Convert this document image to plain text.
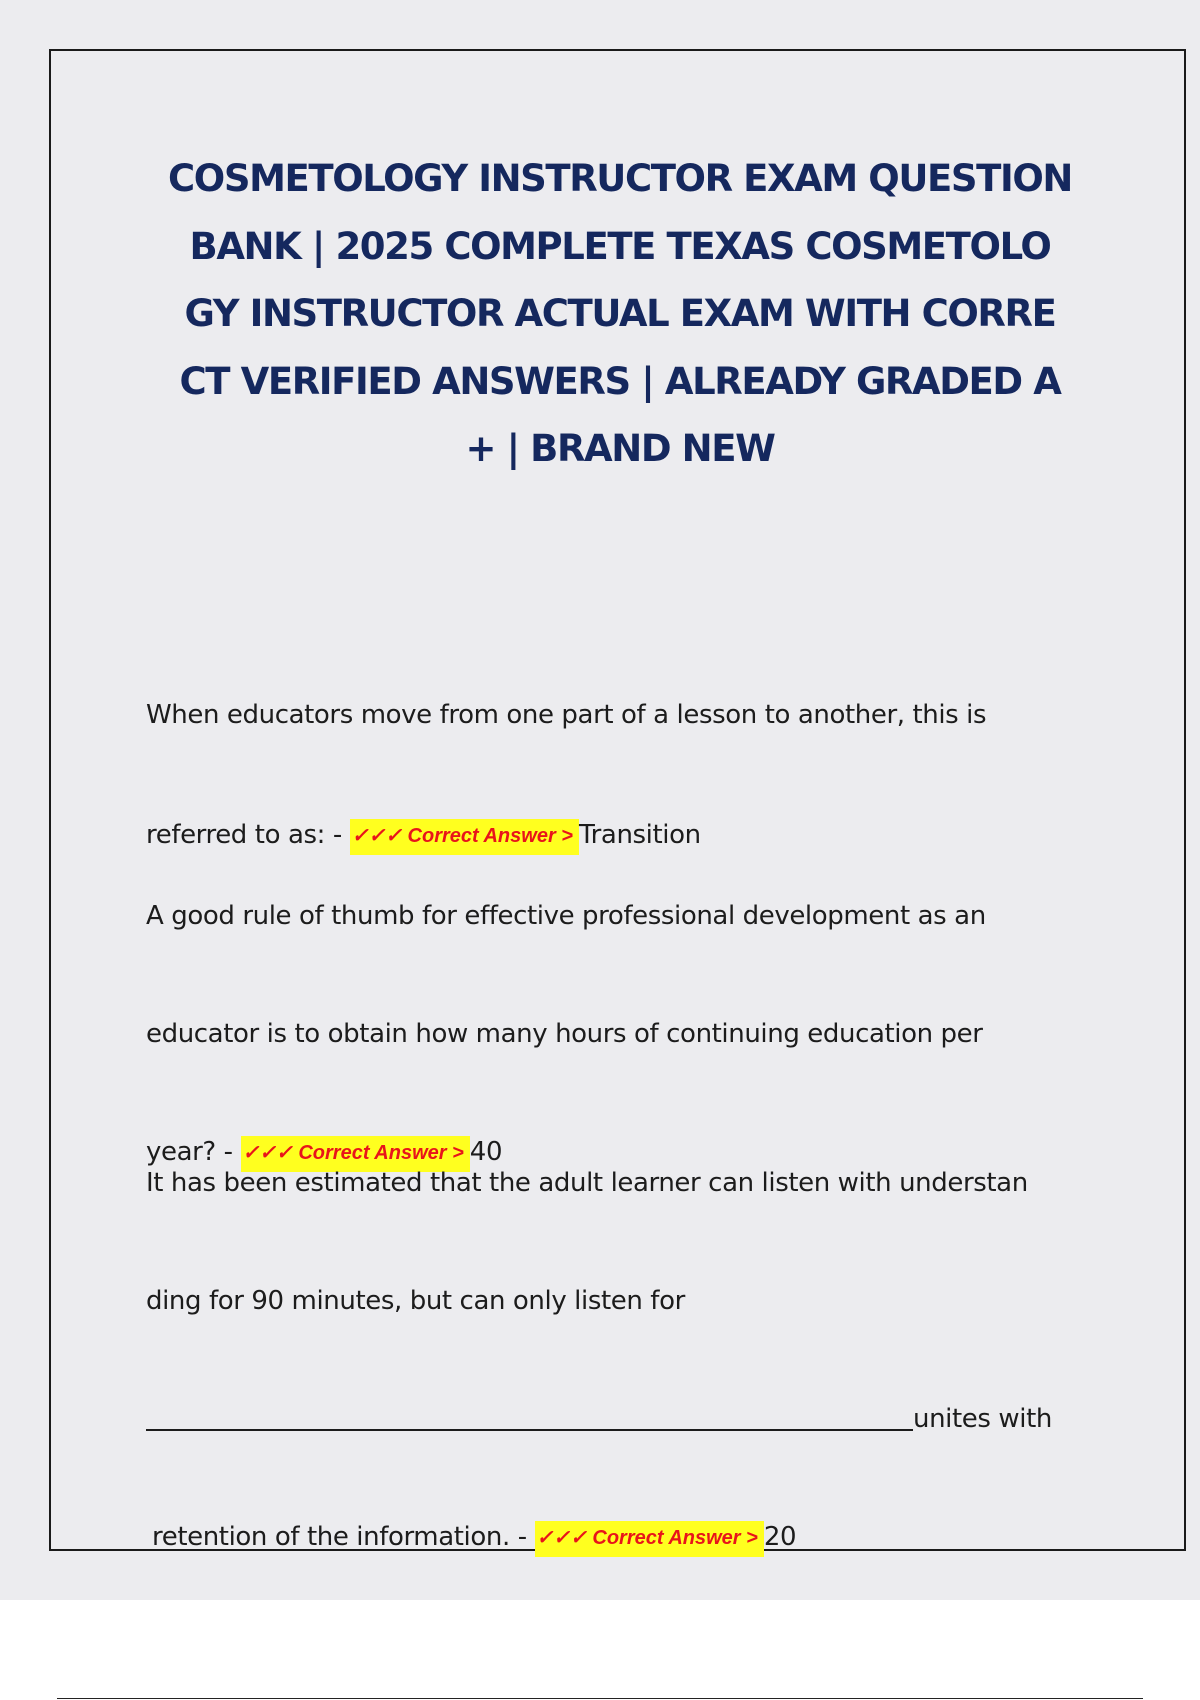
COSMETOLOGY INSTRUCTOR EXAM QUESTION
BANK | 2025 COMPLETE TEXAS COSMETOLO
GY INSTRUCTOR ACTUAL EXAM WITH CORRE
CT VERIFIED ANSWERS | ALREADY GRADED A
+ | BRAND NEW

When educators move from one part of a lesson to another, this is

referred to as: - ✓✓✓ Correct Answer > Transition

A good rule of thumb for effective professional development as an

educator is to obtain how many hours of continuing education per

year? - ✓✓✓ Correct Answer > 40

It has been estimated that the adult learner can listen with understan

ding for 90 minutes, but can only listen for

unites with

retention of the information. - ✓✓✓ Correct Answer > 20
